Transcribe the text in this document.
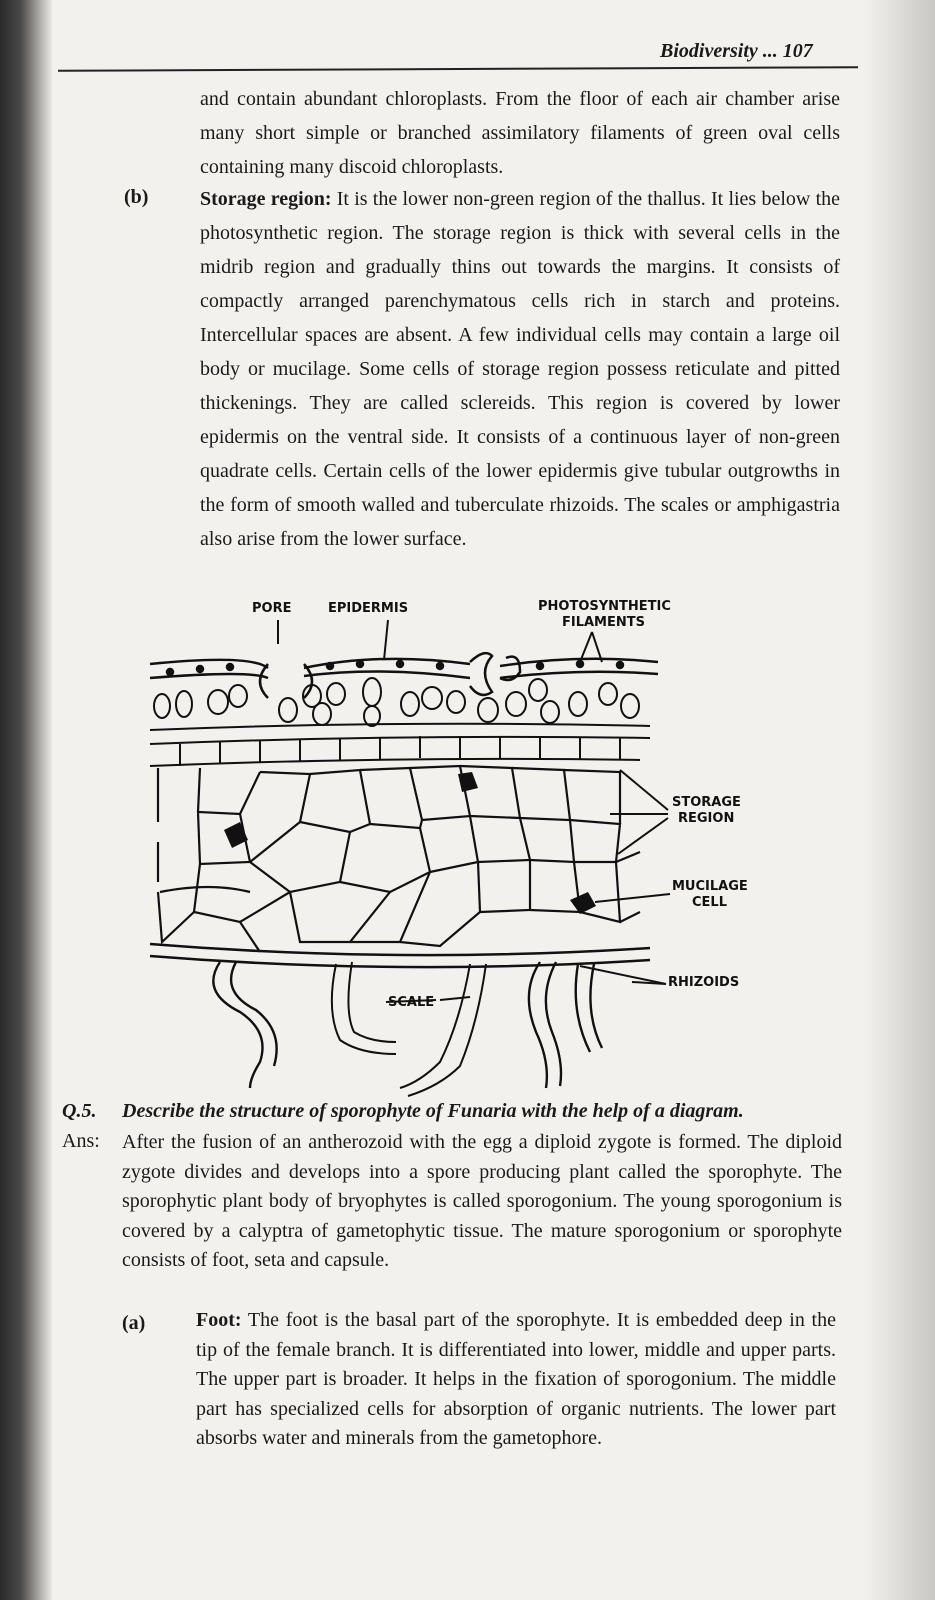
Biodiversity ... 107
and contain abundant chloroplasts. From the floor of each air chamber arise many short simple or branched assimilatory filaments of green oval cells containing many discoid chloroplasts.
(b)	Storage region: It is the lower non-green region of the thallus. It lies below the photosynthetic region. The storage region is thick with several cells in the midrib region and gradually thins out towards the margins. It consists of compactly arranged parenchymatous cells rich in starch and proteins. Intercellular spaces are absent. A few individual cells may contain a large oil body or mucilage. Some cells of storage region possess reticulate and pitted thickenings. They are called sclereids. This region is covered by lower epidermis on the ventral side. It consists of a continuous layer of non-green quadrate cells. Certain cells of the lower epidermis give tubular outgrowths in the form of smooth walled and tuberculate rhizoids. The scales or amphigastria also arise from the lower surface.
PORE	EPIDERMIS	PHOTOSYNTHETIC
FILAMENTS
STORAGE
REGION
MUCILAGE
CELL
RHIZOIDS
SCALE
Q.5. Describe the structure of sporophyte of Funaria with the help of a diagram.
Ans: After the fusion of an antherozoid with the egg a diploid zygote is formed. The diploid zygote divides and develops into a spore producing plant called the sporophyte. The sporophytic plant body of bryophytes is called sporogonium. The young sporogonium is covered by a calyptra of gametophytic tissue. The mature sporogonium or sporophyte consists of foot, seta and capsule.
(a)	Foot: The foot is the basal part of the sporophyte. It is embedded deep in the tip of the female branch. It is differentiated into lower, middle and upper parts. The upper part is broader. It helps in the fixation of sporogonium. The middle part has specialized cells for absorption of organic nutrients. The lower part absorbs water and minerals from the gametophore.
